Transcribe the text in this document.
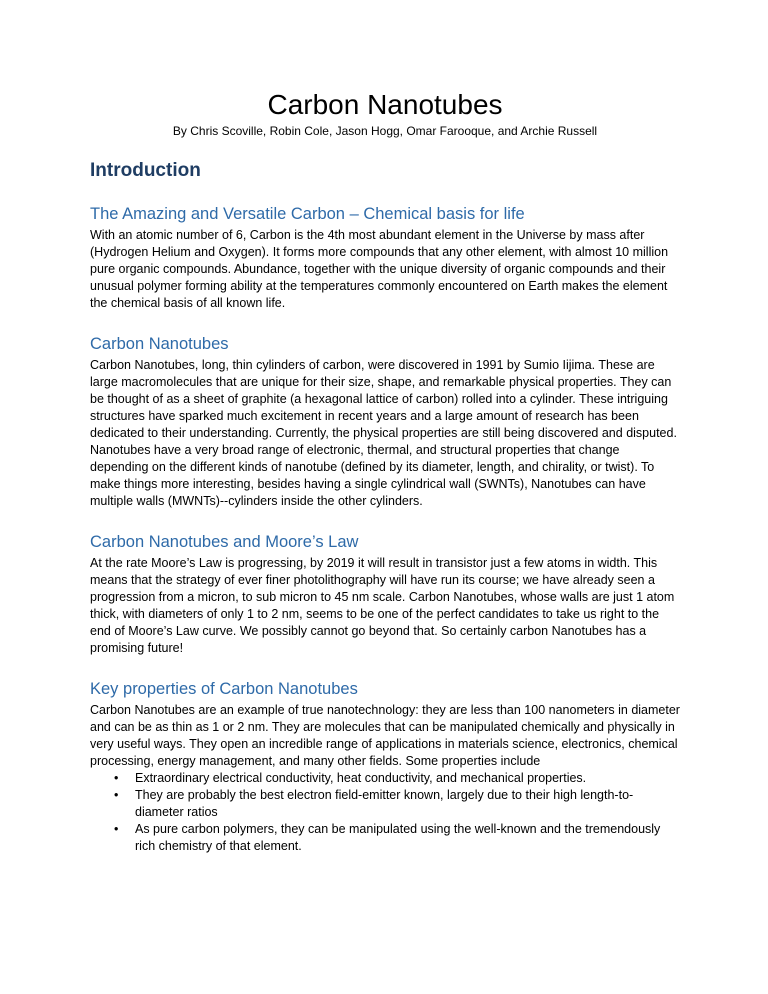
Carbon Nanotubes

By Chris Scoville, Robin Cole, Jason Hogg, Omar Farooque, and Archie Russell

Introduction
The Amazing and Versatile Carbon – Chemical basis for life

With an atomic number of 6, Carbon is the 4th most abundant element in the Universe by mass after (Hydrogen Helium and Oxygen). It forms more compounds that any other element, with almost 10 million pure organic compounds. Abundance, together with the unique diversity of organic compounds and their unusual polymer forming ability at the temperatures commonly encountered on Earth makes the element the chemical basis of all known life.

Carbon Nanotubes

Carbon Nanotubes, long, thin cylinders of carbon, were discovered in 1991 by Sumio Iijima. These are large macromolecules that are unique for their size, shape, and remarkable physical properties. They can be thought of as a sheet of graphite (a hexagonal lattice of carbon) rolled into a cylinder. These intriguing structures have sparked much excitement in recent years and a large amount of research has been dedicated to their understanding. Currently, the physical properties are still being discovered and disputed. Nanotubes have a very broad range of electronic, thermal, and structural properties that change depending on the different kinds of nanotube (defined by its diameter, length, and chirality, or twist). To make things more interesting, besides having a single cylindrical wall (SWNTs), Nanotubes can have multiple walls (MWNTs)--cylinders inside the other cylinders.

Carbon Nanotubes and Moore’s Law

At the rate Moore’s Law is progressing, by 2019 it will result in transistor just a few atoms in width. This means that the strategy of ever finer photolithography will have run its course; we have already seen a progression from a micron, to sub micron to 45 nm scale. Carbon Nanotubes, whose walls are just 1 atom thick, with diameters of only 1 to 2 nm, seems to be one of the perfect candidates to take us right to the end of Moore’s Law curve. We possibly cannot go beyond that. So certainly carbon Nanotubes has a promising future!

Key properties of Carbon Nanotubes

Carbon Nanotubes are an example of true nanotechnology: they are less than 100 nanometers in diameter and can be as thin as 1 or 2 nm. They are molecules that can be manipulated chemically and physically in very useful ways. They open an incredible range of applications in materials science, electronics, chemical processing, energy management, and many other fields. Some properties include

• Extraordinary electrical conductivity, heat conductivity, and mechanical properties.
• They are probably the best electron field-emitter known, largely due to their high length-to-diameter ratios
• As pure carbon polymers, they can be manipulated using the well-known and the tremendously rich chemistry of that element.
